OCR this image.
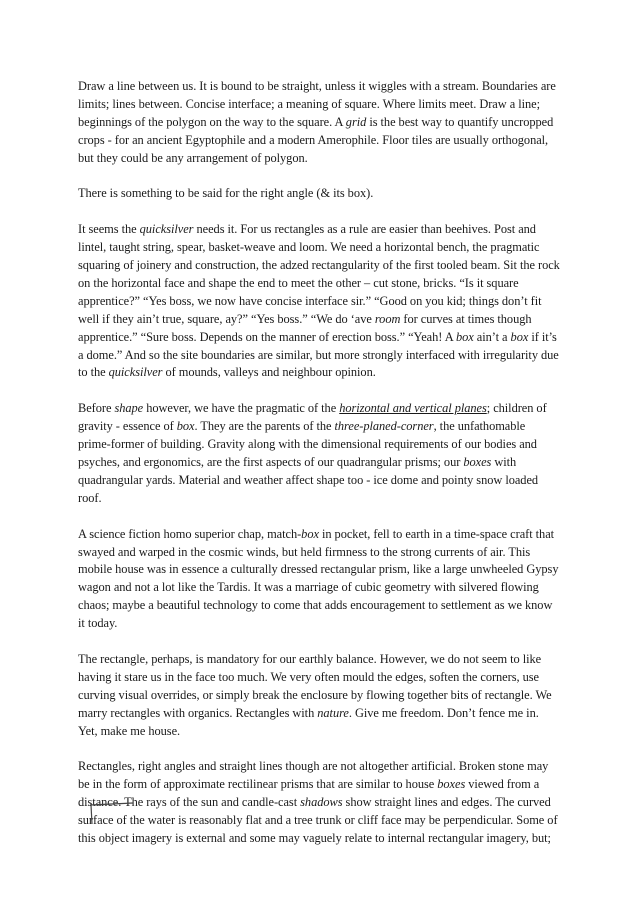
Draw a line between us. It is bound to be straight, unless it wiggles with a stream. Boundaries are limits; lines between. Concise interface; a meaning of square. Where limits meet. Draw a line; beginnings of the polygon on the way to the square. A grid is the best way to quantify uncropped crops - for an ancient Egyptophile and a modern Amerophile. Floor tiles are usually orthogonal, but they could be any arrangement of polygon.

There is something to be said for the right angle (& its box).

It seems the quicksilver needs it. For us rectangles as a rule are easier than beehives. Post and lintel, taught string, spear, basket-weave and loom. We need a horizontal bench, the pragmatic squaring of joinery and construction, the adzed rectangularity of the first tooled beam. Sit the rock on the horizontal face and shape the end to meet the other – cut stone, bricks. “Is it square apprentice?” “Yes boss, we now have concise interface sir.” “Good on you kid; things don’t fit well if they ain’t true, square, ay?” “Yes boss.” “We do ‘ave room for curves at times though apprentice.” “Sure boss. Depends on the manner of erection boss.” “Yeah! A box ain’t a box if it’s a dome.” And so the site boundaries are similar, but more strongly interfaced with irregularity due to the quicksilver of mounds, valleys and neighbour opinion.

Before shape however, we have the pragmatic of the horizontal and vertical planes; children of gravity - essence of box. They are the parents of the three-planed-corner, the unfathomable prime-former of building. Gravity along with the dimensional requirements of our bodies and psyches, and ergonomics, are the first aspects of our quadrangular prisms; our boxes with quadrangular yards. Material and weather affect shape too - ice dome and pointy snow loaded roof.

A science fiction homo superior chap, match-box in pocket, fell to earth in a time-space craft that swayed and warped in the cosmic winds, but held firmness to the strong currents of air. This mobile house was in essence a culturally dressed rectangular prism, like a large unwheeled Gypsy wagon and not a lot like the Tardis. It was a marriage of cubic geometry with silvered flowing chaos; maybe a beautiful technology to come that adds encouragement to settlement as we know it today.

The rectangle, perhaps, is mandatory for our earthly balance. However, we do not seem to like having it stare us in the face too much. We very often mould the edges, soften the corners, use curving visual overrides, or simply break the enclosure by flowing together bits of rectangle. We marry rectangles with organics. Rectangles with nature. Give me freedom. Don’t fence me in. Yet, make me house.

Rectangles, right angles and straight lines though are not altogether artificial. Broken stone may be in the form of approximate rectilinear prisms that are similar to house boxes viewed from a distance. The rays of the sun and candle-cast shadows show straight lines and edges. The curved surface of the water is reasonably flat and a tree trunk or cliff face may be perpendicular. Some of this object imagery is external and some may vaguely relate to internal rectangular imagery, but;
